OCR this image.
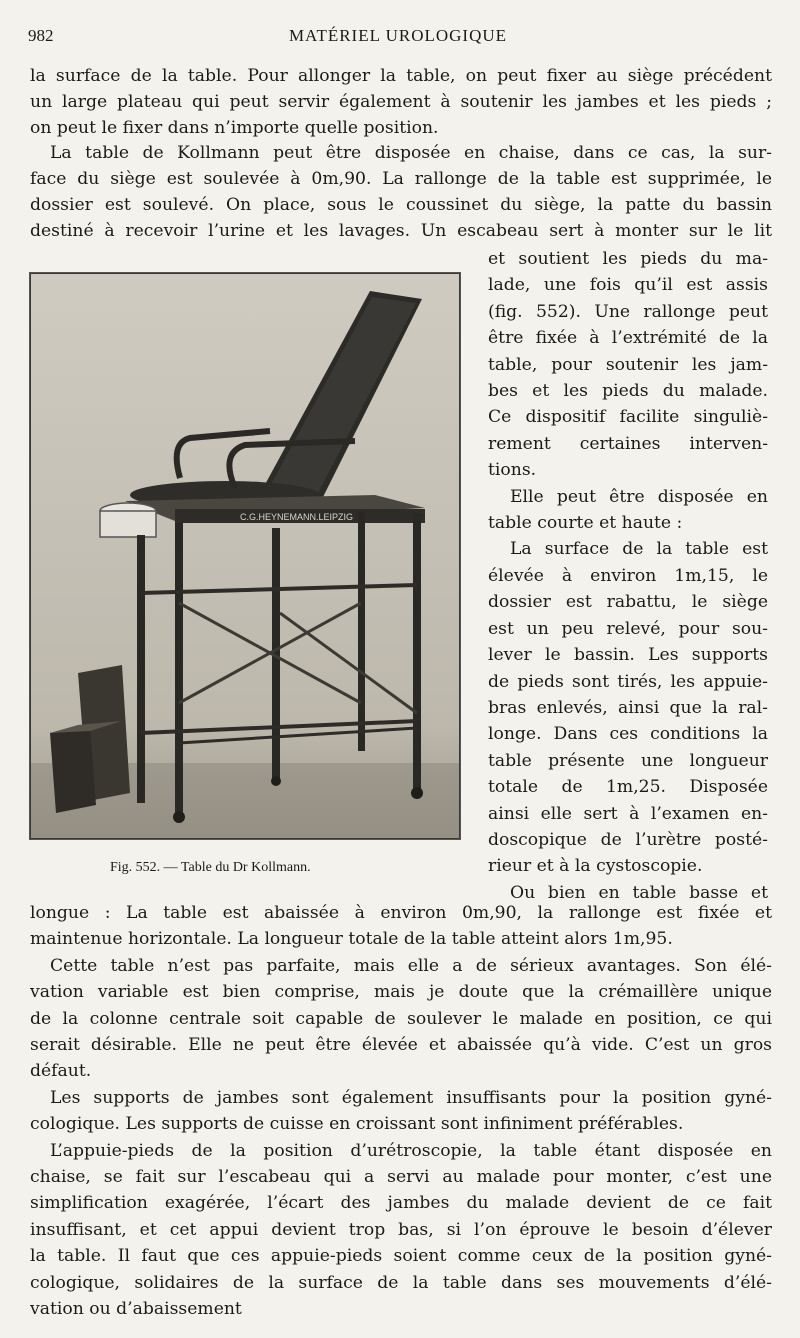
982	MATÉRIEL UROLOGIQUE
la surface de la table. Pour allonger la table, on peut fixer au siège précédent
un large plateau qui peut servir également à soutenir les jambes et les pieds ;
on peut le fixer dans n’importe quelle position.
La table de Kollmann peut être disposée en chaise, dans ce cas, la sur-
face du siège est soulevée à 0m,90. La rallonge de la table est supprimée, le
dossier est soulevé. On place, sous le coussinet du siège, la patte du bassin
destiné à recevoir l’urine et les lavages. Un escabeau sert à monter sur le lit
C.G.HEYNEMANN.LEIPZIG
et soutient les pieds du ma-
lade, une fois qu’il est assis
(fig. 552). Une rallonge peut
être fixée à l’extrémité de la
table, pour soutenir les jam-
bes et les pieds du malade.
Ce dispositif facilite singuliè-
rement certaines interven-
tions.
Elle peut être disposée en
table courte et haute :
La surface de la table est
élevée à environ 1m,15, le
dossier est rabattu, le siège
est un peu relevé, pour sou-
lever le bassin. Les supports
de pieds sont tirés, les appuie-
bras enlevés, ainsi que la ral-
longe. Dans ces conditions la
table présente une longueur
totale de 1m,25. Disposée
ainsi elle sert à l’examen en-
doscopique de l’urètre posté-
rieur et à la cystoscopie.
Ou bien en table basse et
Fig. 552. — Table du Dr Kollmann.
longue : La table est abaissée à environ 0m,90, la rallonge est fixée et
maintenue horizontale. La longueur totale de la table atteint alors 1m,95.
Cette table n’est pas parfaite, mais elle a de sérieux avantages. Son élé-
vation variable est bien comprise, mais je doute que la crémaillère unique
de la colonne centrale soit capable de soulever le malade en position, ce qui
serait désirable. Elle ne peut être élevée et abaissée qu’à vide. C’est un gros
défaut.
Les supports de jambes sont également insuffisants pour la position gyné-
cologique. Les supports de cuisse en croissant sont infiniment préférables.
L’appuie-pieds de la position d’urétroscopie, la table étant disposée en
chaise, se fait sur l’escabeau qui a servi au malade pour monter, c’est une
simplification exagérée, l’écart des jambes du malade devient de ce fait
insuffisant, et cet appui devient trop bas, si l’on éprouve le besoin d’élever
la table. Il faut que ces appuie-pieds soient comme ceux de la position gyné-
cologique, solidaires de la surface de la table dans ses mouvements d’élé-
vation ou d’abaissement
